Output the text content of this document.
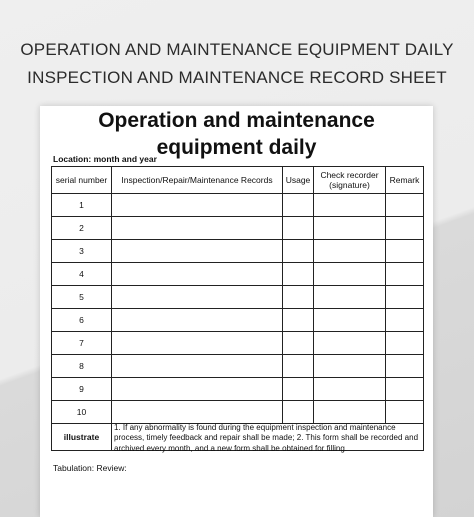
OPERATION AND MAINTENANCE EQUIPMENT DAILY
INSPECTION AND MAINTENANCE RECORD SHEET
Operation and maintenance
equipment daily
Location: month and year
serial number	Inspection/Repair/Maintenance Records	Usage	Check recorder (signature)	Remark
1				
2				
3				
4				
5				
6				
7				
8				
9				
10				
illustrate	1. If any abnormality is found during the equipment inspection and maintenance process, timely feedback and repair shall be made; 2. This form shall be recorded and archived every month, and a new form shall be obtained for filling.			
Tabulation: Review:
